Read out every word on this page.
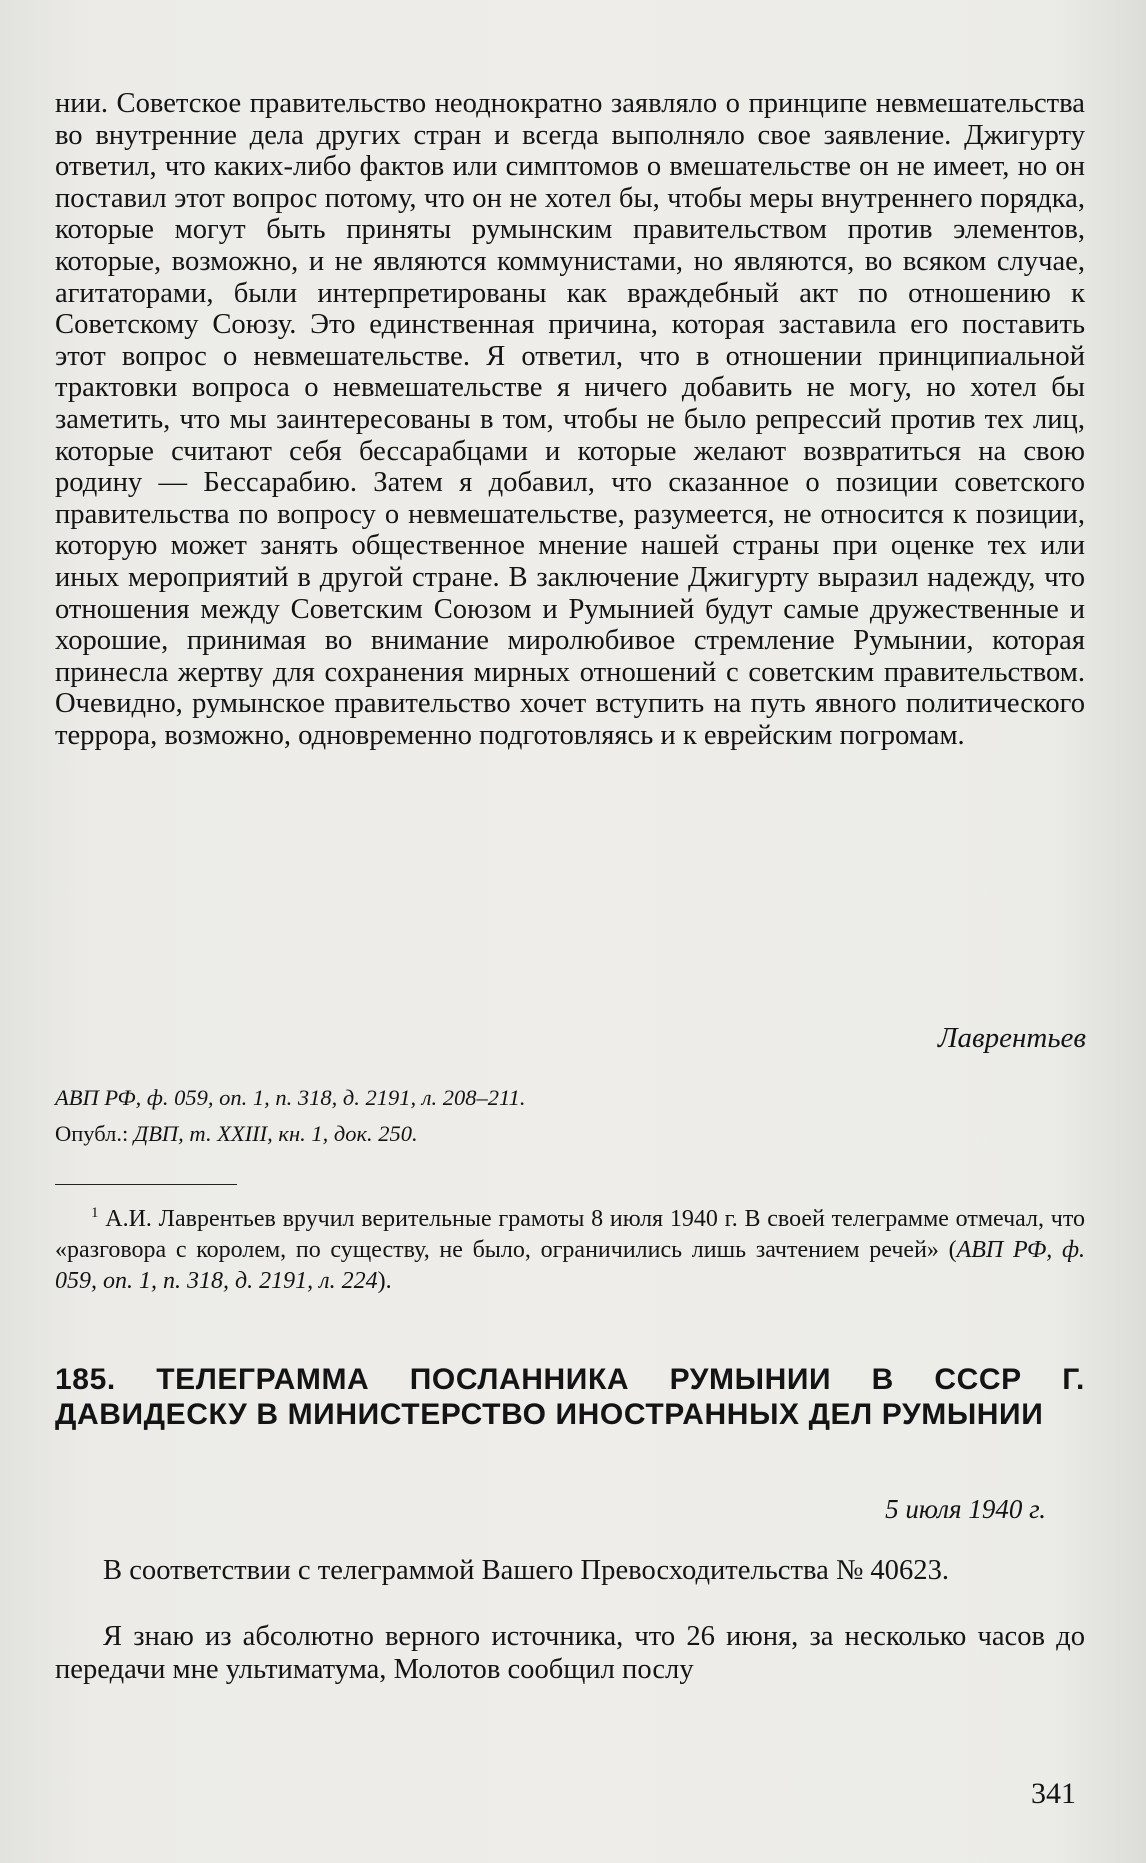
нии. Советское правительство неоднократно заявляло о принципе невмешательства во внутренние дела других стран и всегда выполняло свое заявление. Джигурту ответил, что каких-либо фактов или симптомов о вмешательстве он не имеет, но он поставил этот вопрос потому, что он не хотел бы, чтобы меры внутреннего порядка, которые могут быть приняты румынским правительством против элементов, которые, возможно, и не являются коммунистами, но являются, во всяком случае, агитаторами, были интерпретированы как враждебный акт по отношению к Советскому Союзу. Это единственная причина, которая заставила его поставить этот вопрос о невмешательстве. Я ответил, что в отношении принципиальной трактовки вопроса о невмешательстве я ничего добавить не могу, но хотел бы заметить, что мы заинтересованы в том, чтобы не было репрессий против тех лиц, которые считают себя бессарабцами и которые желают возвратиться на свою родину — Бессарабию. Затем я добавил, что сказанное о позиции советского правительства по вопросу о невмешательстве, разумеется, не относится к позиции, которую может занять общественное мнение нашей страны при оценке тех или иных мероприятий в другой стране. В заключение Джигурту выразил надежду, что отношения между Советским Союзом и Румынией будут самые дружественные и хорошие, принимая во внимание миролюбивое стремление Румынии, которая принесла жертву для сохранения мирных отношений с советским правительством. Очевидно, румынское правительство хочет вступить на путь явного политического террора, возможно, одновременно подготовляясь и к еврейским погромам.

Лаврентьев
АВП РФ, ф. 059, оп. 1, п. 318, д. 2191, л. 208–211.
Опубл.: ДВП, т. XXIII, кн. 1, док. 250.
$^1$ А.И. Лаврентьев вручил верительные грамоты 8 июля 1940 г. В своей телеграмме отмечал, что «разговора с королем, по существу, не было, ограничились лишь зачтением речей» (АВП РФ, ф. 059, оп. 1, п. 318, д. 2191, л. 224).
185. ТЕЛЕГРАММА ПОСЛАННИКА РУМЫНИИ В СССР Г. ДАВИДЕСКУ В МИНИСТЕРСТВО ИНОСТРАННЫХ ДЕЛ РУМЫНИИ
5 июля 1940 г.

В соответствии с телеграммой Вашего Превосходительства № 40623.

Я знаю из абсолютно верного источника, что 26 июня, за несколько часов до передачи мне ультиматума, Молотов сообщил послу

341
